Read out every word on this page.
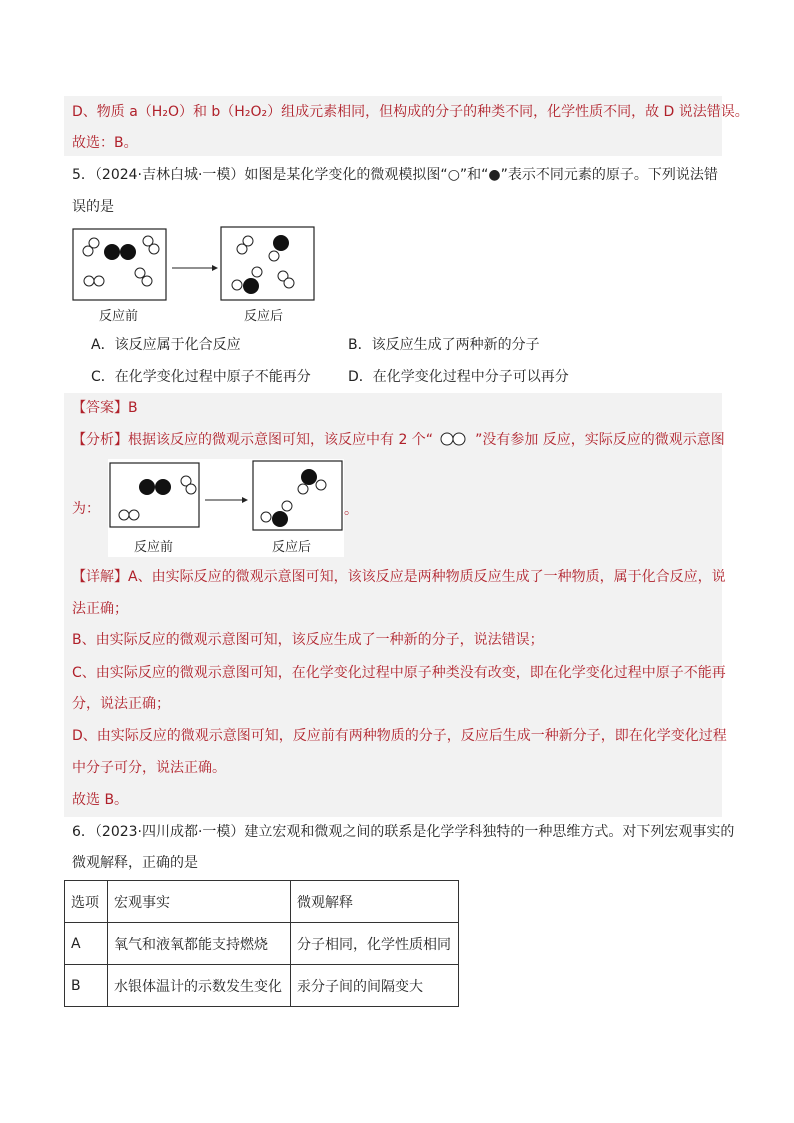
D、物质 a（H₂O）和 b（H₂O₂）组成元素相同，但构成的分子的种类不同，化学性质不同，故 D 说法错误。
故选：B。
5．（2024·吉林白城·一模）如图是某化学变化的微观模拟图“○”和“●”表示不同元素的原子。下列说法错
误的是
反应前	反应后
A．该反应属于化合反应	B．该反应生成了两种新的分子
C．在化学变化过程中原子不能再分	D．在化学变化过程中分子可以再分
【答案】B
【分析】根据该反应的微观示意图可知，该反应中有 2 个“	”没有参加 反应，实际反应的微观示意图
为：
反应前	反应后
。
【详解】A、由实际反应的微观示意图可知，该该反应是两种物质反应生成了一种物质，属于化合反应，说
法正确；
B、由实际反应的微观示意图可知，该反应生成了一种新的分子，说法错误；
C、由实际反应的微观示意图可知，在化学变化过程中原子种类没有改变，即在化学变化过程中原子不能再
分，说法正确；
D、由实际反应的微观示意图可知，反应前有两种物质的分子，反应后生成一种新分子，即在化学变化过程
中分子可分，说法正确。
故选 B。
6．（2023·四川成都·一模）建立宏观和微观之间的联系是化学学科独特的一种思维方式。对下列宏观事实的
微观解释，正确的是
选项	宏观事实	微观解释
A	氧气和液氧都能支持燃烧	分子相同，化学性质相同
B	水银体温计的示数发生变化	汞分子间的间隔变大
